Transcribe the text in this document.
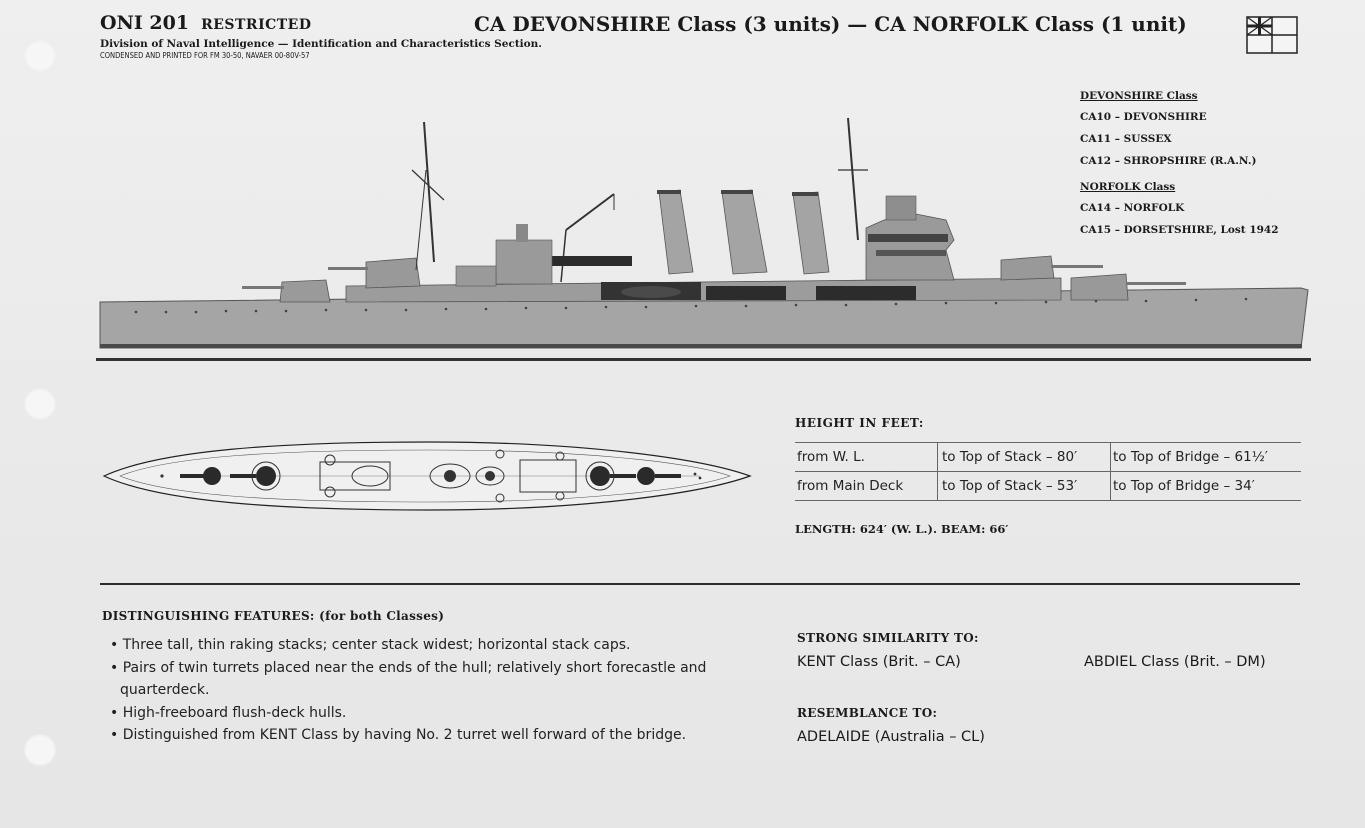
ONI 201 RESTRICTED
Division of Naval Intelligence — Identification and Characteristics Section.
CONDENSED AND PRINTED FOR FM 30-50, NAVAER 00-80V-57
CA DEVONSHIRE Class (3 units) — CA NORFOLK Class (1 unit)
DEVONSHIRE Class
CA10 – DEVONSHIRE
CA11 – SUSSEX
CA12 – SHROPSHIRE (R.A.N.)
NORFOLK Class
CA14 – NORFOLK
CA15 – DORSETSHIRE, Lost 1942
HEIGHT IN FEET:
from W. L.	to Top of Stack – 80′	to Top of Bridge – 61½′
from Main Deck	to Top of Stack – 53′	to Top of Bridge – 34′
LENGTH: 624′ (W. L.). BEAM: 66′
DISTINGUISHING FEATURES: (for both Classes)
• Three tall, thin raking stacks; center stack widest; horizontal stack caps.
• Pairs of twin turrets placed near the ends of the hull; relatively short forecastle and quarterdeck.
• High-freeboard flush-deck hulls.
• Distinguished from KENT Class by having No. 2 turret well forward of the bridge.
STRONG SIMILARITY TO:
KENT Class (Brit. – CA)	ABDIEL Class (Brit. – DM)
RESEMBLANCE TO:
ADELAIDE (Australia – CL)
